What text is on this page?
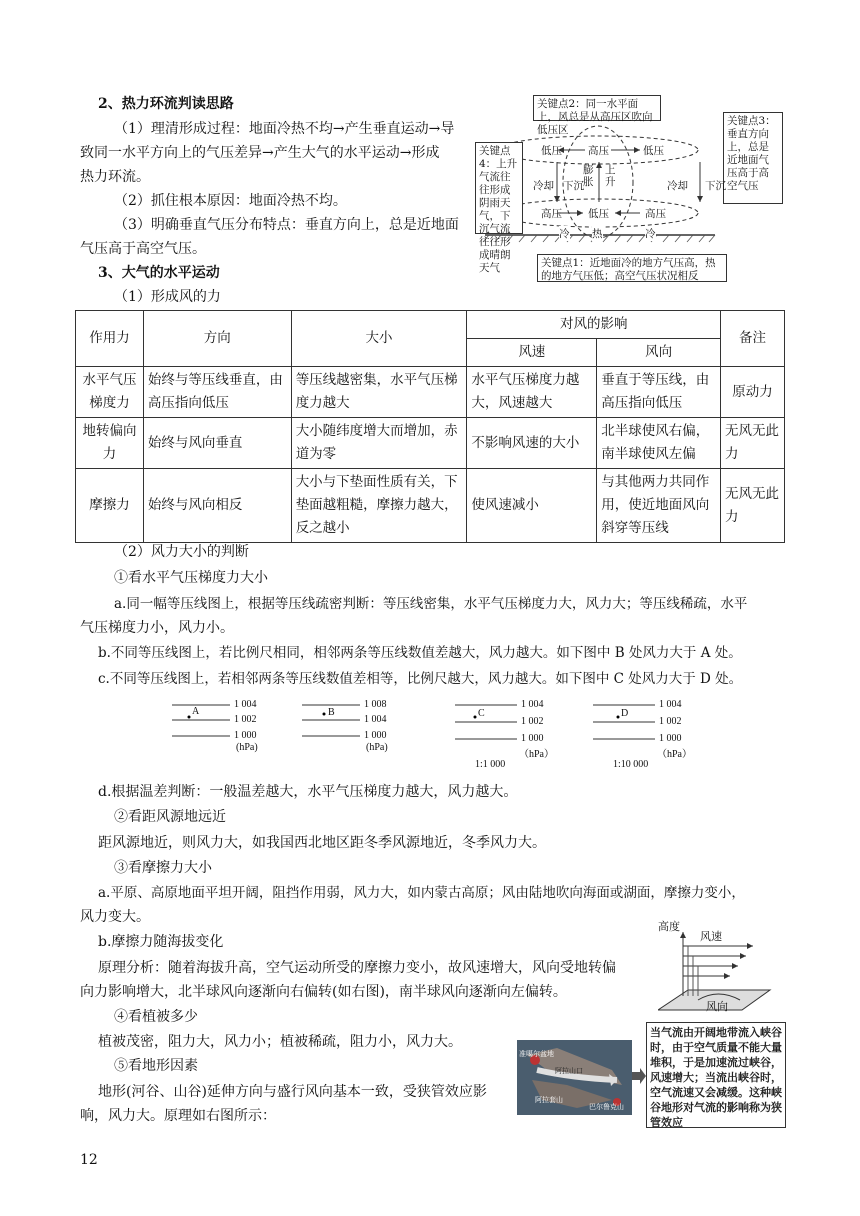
2、热力环流判读思路
（1）理清形成过程：地面冷热不均→产生垂直运动→导
致同一水平方向上的气压差异→产生大气的水平运动→形成
热力环流。
（2）抓住根本原因：地面冷热不均。
（3）明确垂直气压分布特点：垂直方向上，总是近地面
气压高于高空气压。
3、大气的水平运动
（1）形成风的力
关键点2：同一水平面上，风总是从高压区吹向低压区
关键点3：垂直方向上，总是近地面气压高于高空气压
关键点4：上升气流往往形成阴雨天气，下沉气流往往形成晴朗天气	关键点1：近地面冷的地方气压高，热的地方气压低；高空气压状况相反
低压 高压	低压
高压 低压	高压
冷却 下沉
膨胀
上升	冷却 下沉
冷 热	冷
作用力	方向	大小	对风的影响		备注
			风速	风向	
水平气压梯度力	始终与等压线垂直，由高压指向低压	等压线越密集，水平气压梯度力越大	水平气压梯度力越大，风速越大	垂直于等压线，由高压指向低压	原动力
地转偏向力	始终与风向垂直	大小随纬度增大而增加，赤道为零	不影响风速的大小	北半球使风右偏，南半球使风左偏	无风无此力
摩擦力	始终与风向相反	大小与下垫面性质有关，下垫面越粗糙，摩擦力越大，反之越小	使风速减小	与其他两力共同作用，使近地面风向斜穿等压线	无风无此力
（2）风力大小的判断
①看水平气压梯度力大小
a.同一幅等压线图上，根据等压线疏密判断：等压线密集，水平气压梯度力大，风力大；等压线稀疏，水平
气压梯度力小，风力小。
b.不同等压线图上，若比例尺相同，相邻两条等压线数值差越大，风力越大。如下图中 B 处风力大于 A 处。
c.不同等压线图上，若相邻两条等压线数值差相等，比例尺越大，风力越大。如下图中 C 处风力大于 D 处。
A
1 004
1 002
1 000
(hPa)
B
1 008
1 004
1 000
(hPa)
C
1 004
1 002
1 000
（hPa）
1:1 000
D
1 004
1 002
1 000
（hPa）
1:10 000
d.根据温差判断：一般温差越大，水平气压梯度力越大，风力越大。
②看距风源地远近
距风源地近，则风力大，如我国西北地区距冬季风源地近，冬季风力大。
③看摩擦力大小
a.平原、高原地面平坦开阔，阻挡作用弱，风力大，如内蒙古高原；风由陆地吹向海面或湖面，摩擦力变小，
风力变大。
b.摩擦力随海拔变化
原理分析：随着海拔升高，空气运动所受的摩擦力变小，故风速增大，风向受地转偏
向力影响增大，北半球风向逐渐向右偏转(如右图)，南半球风向逐渐向左偏转。
④看植被多少
植被茂密，阻力大，风力小；植被稀疏，阻力小，风力大。
⑤看地形因素
地形(河谷、山谷)延伸方向与盛行风向基本一致，受狭管效应影
响，风力大。原理如右图所示：
高度
风速
风向
准噶尔盆地
阿拉山口
阿拉套山
巴尔鲁克山
当气流由开阔地带流入峡谷时，由于空气质量不能大量堆积，于是加速流过峡谷，风速增大；当流出峡谷时，空气流速又会减缓。这种峡谷地形对气流的影响称为狭管效应
12
